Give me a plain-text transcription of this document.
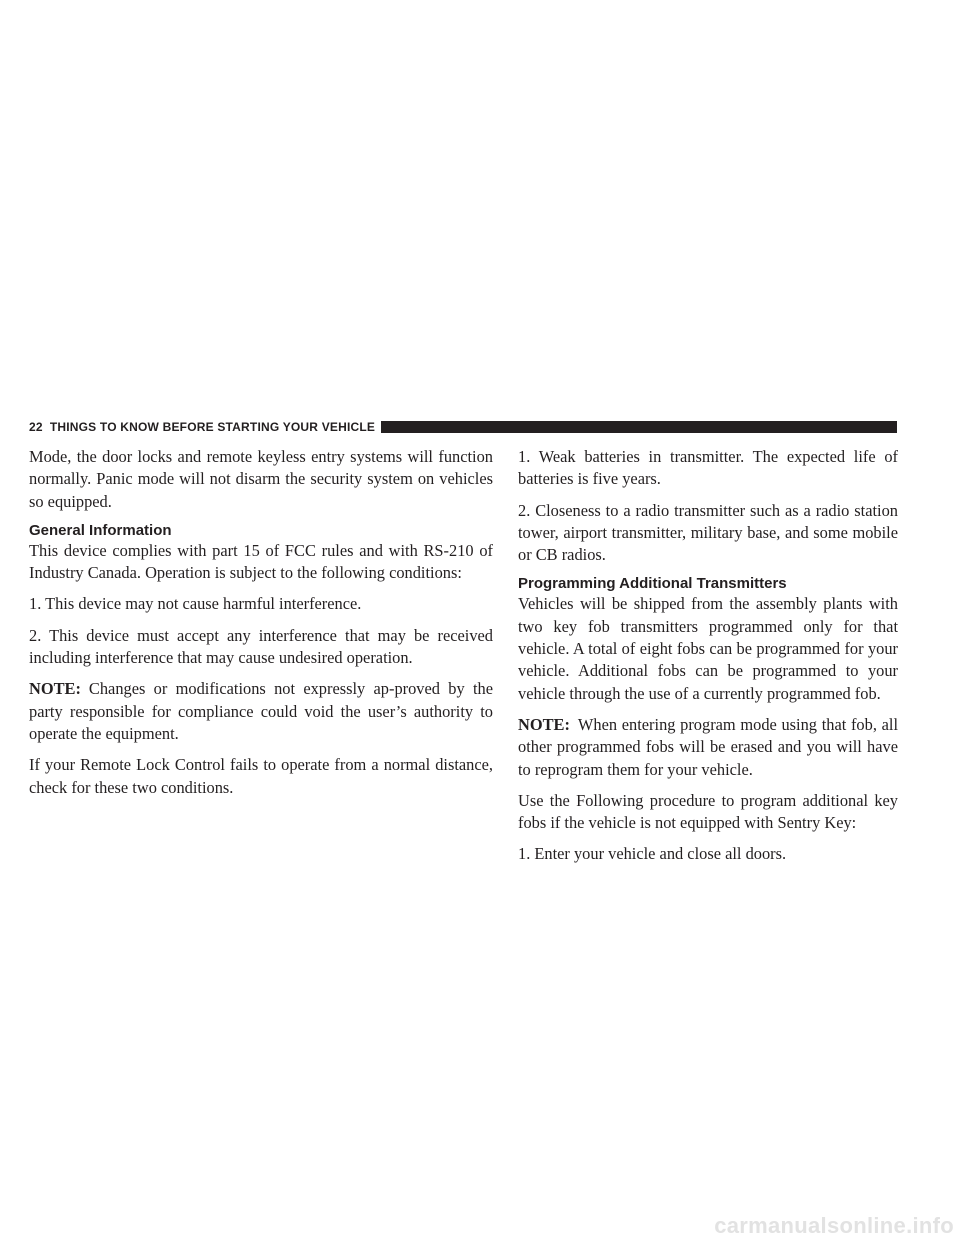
22 THINGS TO KNOW BEFORE STARTING YOUR VEHICLE

Mode, the door locks and remote keyless entry systems will function normally. Panic mode will not disarm the security system on vehicles so equipped.

General Information

This device complies with part 15 of FCC rules and with RS-210 of Industry Canada. Operation is subject to the following conditions:

1. This device may not cause harmful interference.

2. This device must accept any interference that may be received including interference that may cause undesired operation.

NOTE: Changes or modifications not expressly ap-proved by the party responsible for compliance could void the user’s authority to operate the equipment.

If your Remote Lock Control fails to operate from a normal distance, check for these two conditions.

1. Weak batteries in transmitter. The expected life of batteries is five years.

2. Closeness to a radio transmitter such as a radio station tower, airport transmitter, military base, and some mobile or CB radios.

Programming Additional Transmitters

Vehicles will be shipped from the assembly plants with two key fob transmitters programmed only for that vehicle. A total of eight fobs can be programmed for your vehicle. Additional fobs can be programmed to your vehicle through the use of a currently programmed fob.

NOTE: When entering program mode using that fob, all other programmed fobs will be erased and you will have to reprogram them for your vehicle.

Use the Following procedure to program additional key fobs if the vehicle is not equipped with Sentry Key:

1. Enter your vehicle and close all doors.

carmanualsonline.info
